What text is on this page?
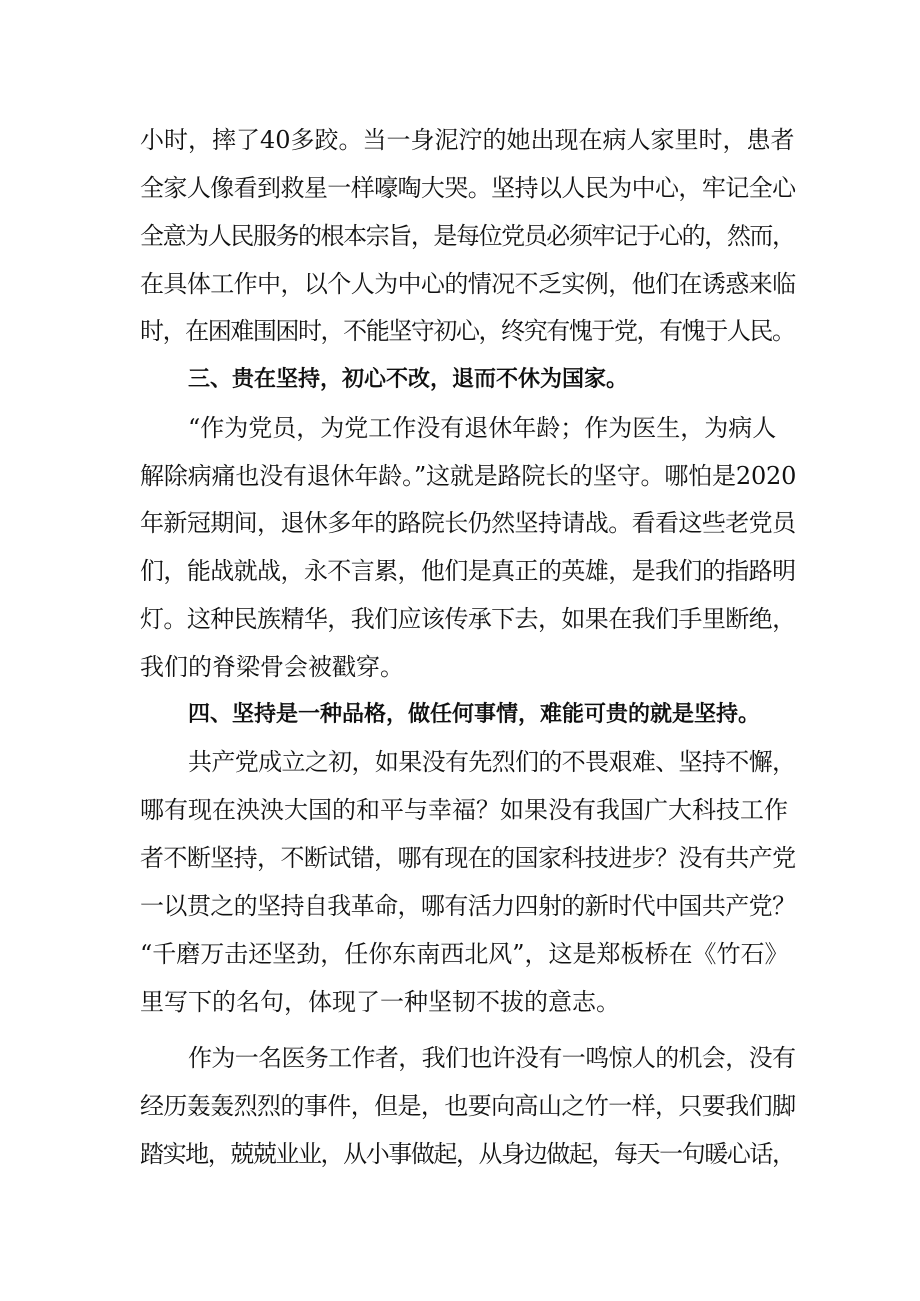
小时，摔了40多跤。当一身泥泞的她出现在病人家里时，患者
全家人像看到救星一样嚎啕大哭。坚持以人民为中心，牢记全心
全意为人民服务的根本宗旨，是每位党员必须牢记于心的，然而，
在具体工作中，以个人为中心的情况不乏实例，他们在诱惑来临
时，在困难围困时，不能坚守初心，终究有愧于党，有愧于人民。
三、贵在坚持，初心不改，退而不休为国家。
“作为党员，为党工作没有退休年龄；作为医生，为病人
解除病痛也没有退休年龄。”这就是路院长的坚守。哪怕是2020
年新冠期间，退休多年的路院长仍然坚持请战。看看这些老党员
们，能战就战，永不言累，他们是真正的英雄，是我们的指路明
灯。这种民族精华，我们应该传承下去，如果在我们手里断绝，
我们的脊梁骨会被戳穿。
四、坚持是一种品格，做任何事情，难能可贵的就是坚持。
共产党成立之初，如果没有先烈们的不畏艰难、坚持不懈，
哪有现在泱泱大国的和平与幸福？如果没有我国广大科技工作
者不断坚持，不断试错，哪有现在的国家科技进步？没有共产党
一以贯之的坚持自我革命，哪有活力四射的新时代中国共产党？
“千磨万击还坚劲，任你东南西北风”，这是郑板桥在《竹石》
里写下的名句，体现了一种坚韧不拔的意志。
作为一名医务工作者，我们也许没有一鸣惊人的机会，没有
经历轰轰烈烈的事件，但是，也要向高山之竹一样，只要我们脚
踏实地，兢兢业业，从小事做起，从身边做起，每天一句暖心话，
